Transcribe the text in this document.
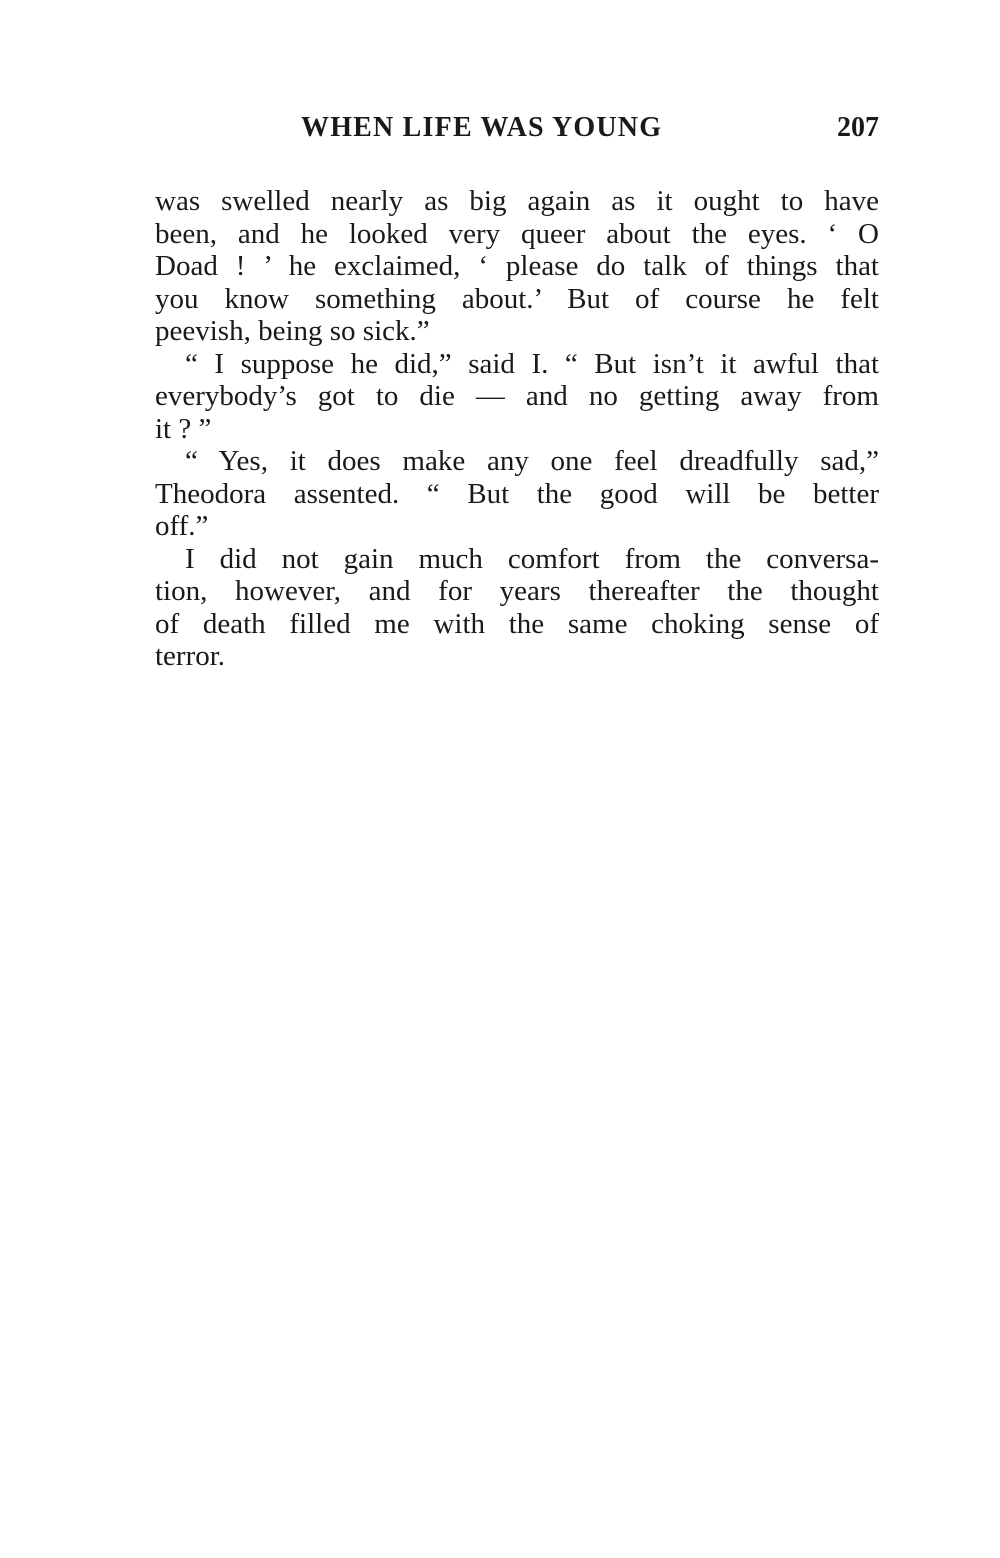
WHEN LIFE WAS YOUNG	207
was swelled nearly as big again as it ought to have
been, and he looked very queer about the eyes. ‘ O
Doad ! ’ he exclaimed, ‘ please do talk of things that
you know something about.’ But of course he felt
peevish, being so sick.”
“ I suppose he did,” said I. “ But isn’t it awful that
everybody’s got to die — and no getting away from
it ? ”
“ Yes, it does make any one feel dreadfully sad,”
Theodora assented. “ But the good will be better
off.”
I did not gain much comfort from the conversa-
tion, however, and for years thereafter the thought
of death filled me with the same choking sense of
terror.
